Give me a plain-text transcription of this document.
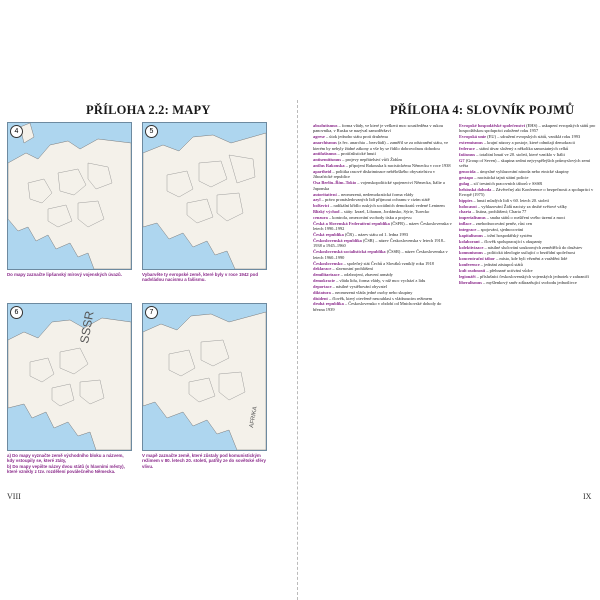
PŘÍLOHA 2.2: MAPY
4	5
Do mapy zaznačte lipšanský mírový vojenských úvazů.	Vybarvěte ty evropské země, které byly v roce 1942 pod nadvládou nacismu a fašismu.
SSSR
6
AFRIKA
7
a) Do mapy vyznačte země východního bloku a názvem, kdy vstoupily se, které ztáty,
b) Do mapy vepište názvy dvou států (s hlavními městy), které vznikly z tzv. rozdělení poválečného Německa.
V mapě zaznačte země, které zůstaly pod komunistickým režimem v 80. letech 20. století, patřily ze do sovětské sféry vlivu.
VIII
PŘÍLOHA 4: SLOVNÍK POJMŮ
absolutismus – forma vlády, ve které je veškerá moc soustředěna v rukou panovníka, v Rusku se nazýval samoděržaví
agrese – útok jednoho státu proti druhému
anarchismus (z řec. anarchia – bezvládí) – zaměřil se za odstranění státu, ve kterém by nebyly žádné zákony a vše by se řídilo dobrovolnou dohodou
antifašismus – protifašistické hnutí
antisemitismus – projevy nepřátelství vůči Židům
anšlus Rakouska – připojení Rakouska k nacistickému Německu v roce 1938
apartheid – politika rasové diskriminace neběloškého obyvatelstva v Jihoafrické republice
Osa Berlín–Řím–Tokio – vojenskopolitické spojenectví Německa, Itálie a Japonska
autoritativní – neomezená, nedemokratická forma vlády
azyl – právo pronásledovaných lidí přijmout ochranu v cizím státě
bolševici – radikální křídlo ruských sociálních demokratů vedené Leninem
Blízký východ – státy: Izrael, Libanon, Jordánsko, Sýrie, Turecko
cenzura – kontrola, omezování svobody tisku a projevu
Česká a Slovenská Federativní republika (ČSFR) – název Československa v letech 1990–1992
Česká republika (ČR) – název státu od 1. ledna 1993
Československá republika (ČSR) – název Československa v letech 1918–1938 a 1945–1960
Československá socialistická republika (ČSSR) – název Československa v letech 1960–1990
Československo – společný stát Čechů a Slováků vzniklý roku 1918
deklarace – slavnostní prohlášení
demilitarizace – odzbrojení, zbavení armády
demokracie – vláda lidu, forma vlády, v níž moc vychází z lidu
deportace – násilné vystěhování obyvatel
diktatura – neomezená vláda jedné osoby nebo skupiny
disident – člověk, který otevřeně nesouhlasí s vládnoucím režimem
druhá republika – Československo v období od Mnichovské dohody do března 1939
Evropské hospodářské společenství (EHS) – uskupení evropských států pro hospodářskou spolupráci založené roku 1957
Evropská unie (EU) – sdružení evropských států, vzniklá roku 1993
extremismus – krajní názory a postoje, které odmítají demokracii
federace – státní útvar složený z několika samostatných celků
fašismus – totalitní hnutí ve 20. století, které vzniklo v Itálii
G7 (Group of Seven) – skupina sedmi nejvyspělejších průmyslových zemí světa
genocida – úmyslné vyhlazování národa nebo etnické skupiny
gestapo – nacistická tajná státní policie
gulag – síť trestních pracovních táborů v SSSR
helsinská dohoda – Závěrečný akt Konference o bezpečnosti a spolupráci v Evropě (1975)
hippies – hnutí mladých lidí v 60. letech 20. století
holocaust – vyhlazování Židů nacisty za druhé světové války
charta – listina, prohlášení; Charta 77
imperialismus – snaha států o rozšíření svého území a moci
inflace – znehodnocování peněz, růst cen
integrace – spojování, sjednocování
kapitalismus – tržní hospodářský systém
kolaborant – člověk spolupracující s okupanty
kolektivizace – násilné slučování soukromých zemědělců do družstev
komunismus – politická ideologie usilující o beztřídní společnost
koncentrační tábor – místo, kde byli vězněni a vražděni lidé
konference – jednání zástupců států
kult osobnosti – přehnané uctívání vůdce
legionáři – příslušníci československých vojenských jednotek v zahraničí
liberalismus – myšlenkový směr zdůrazňující svobodu jednotlivce
IX
